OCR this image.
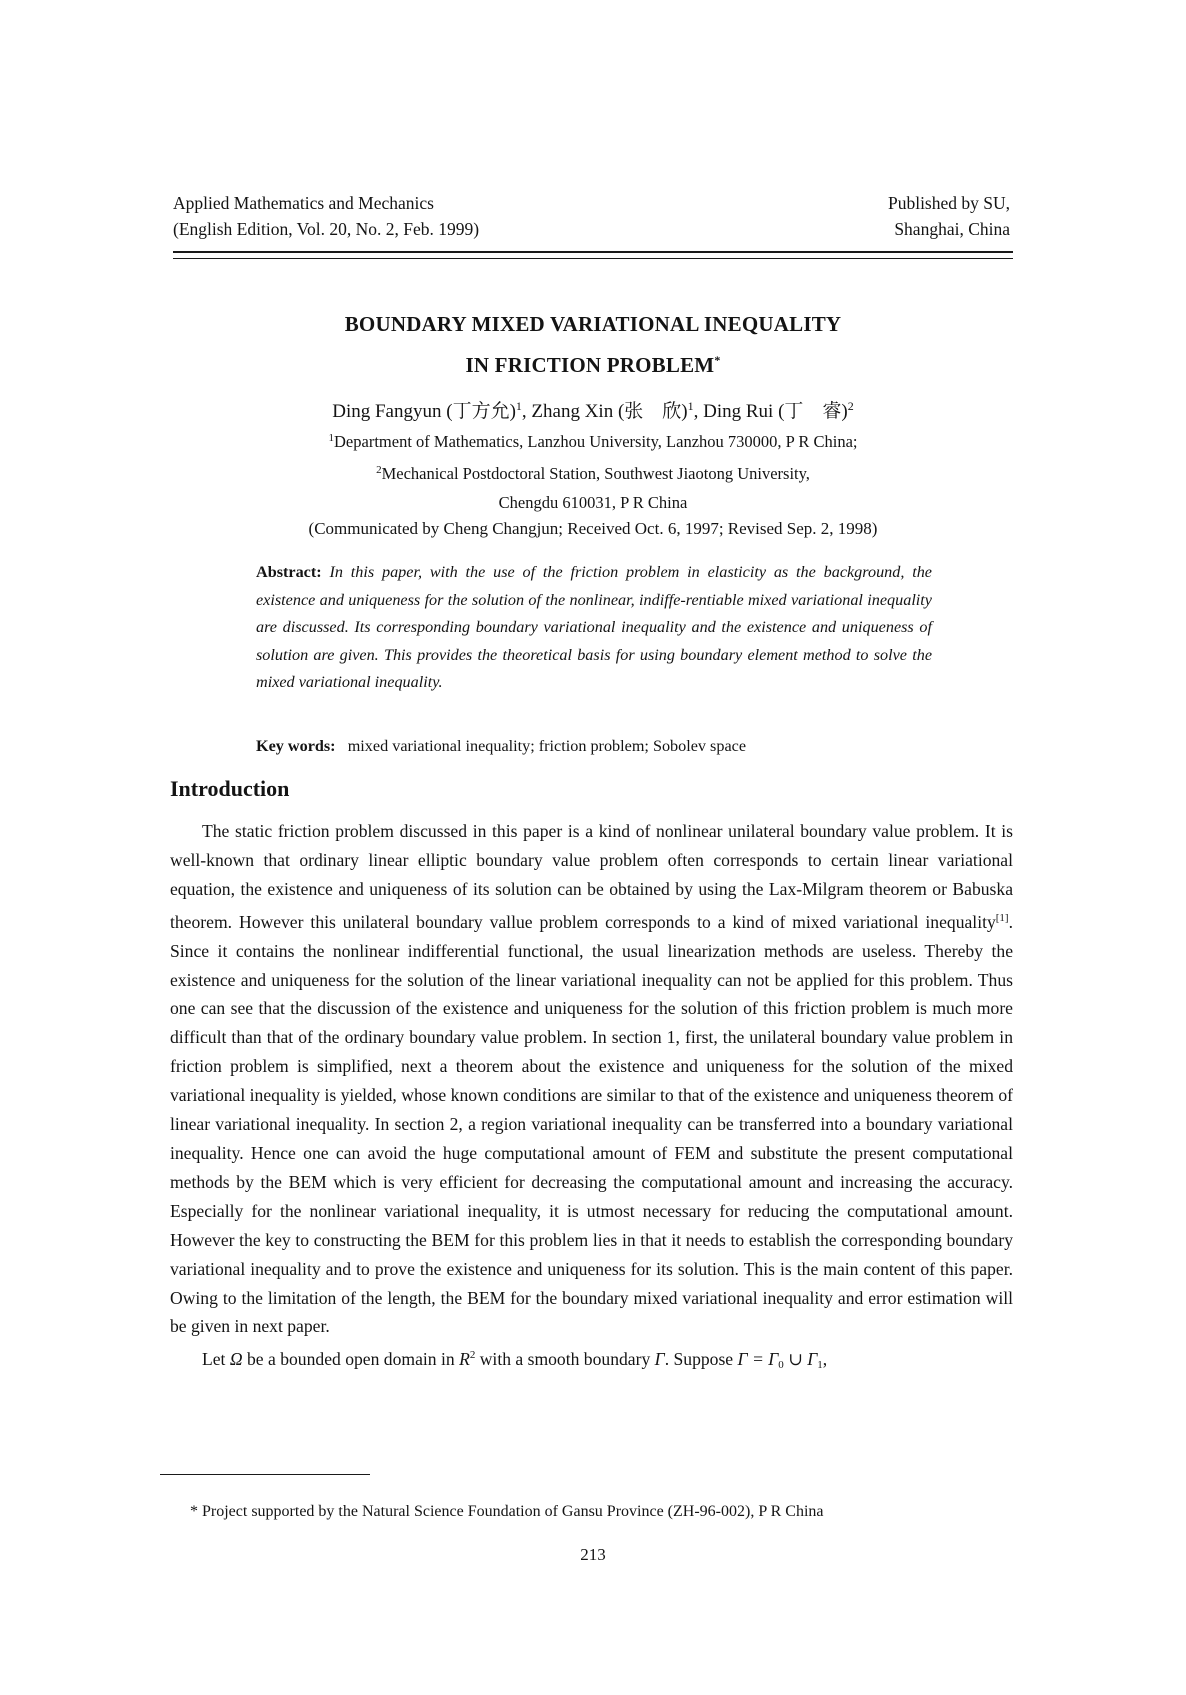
Applied Mathematics and Mechanics
(English Edition, Vol. 20, No. 2, Feb. 1999)
Published by SU,
Shanghai, China
BOUNDARY MIXED VARIATIONAL INEQUALITY
IN FRICTION PROBLEM*
Ding Fangyun (丁方允)$^1$, Zhang Xin (张　欣)$^1$, Ding Rui (丁　睿)$^2$
$^1$Department of Mathematics, Lanzhou University, Lanzhou 730000, P R China;
$^2$Mechanical Postdoctoral Station, Southwest Jiaotong University,
Chengdu 610031, P R China
(Communicated by Cheng Changjun; Received Oct. 6, 1997; Revised Sep. 2, 1998)
Abstract: In this paper, with the use of the friction problem in elasticity as the background, the existence and uniqueness for the solution of the nonlinear, indiffe-rentiable mixed variational inequality are discussed. Its corresponding boundary variational inequality and the existence and uniqueness of solution are given. This provides the theoretical basis for using boundary element method to solve the mixed variational inequality.
Key words: mixed variational inequality; friction problem; Sobolev space
Introduction

The static friction problem discussed in this paper is a kind of nonlinear unilateral boundary value problem. It is well-known that ordinary linear elliptic boundary value problem often corresponds to certain linear variational equation, the existence and uniqueness of its solution can be obtained by using the Lax-Milgram theorem or Babuska theorem. However this unilateral boundary vallue problem corresponds to a kind of mixed variational inequality[1]. Since it contains the nonlinear indifferential functional, the usual linearization methods are useless. Thereby the existence and uniqueness for the solution of the linear variational inequality can not be applied for this problem. Thus one can see that the discussion of the existence and uniqueness for the solution of this friction problem is much more difficult than that of the ordinary boundary value problem. In section 1, first, the unilateral boundary value problem in friction problem is simplified, next a theorem about the existence and uniqueness for the solution of the mixed variational inequality is yielded, whose known conditions are similar to that of the existence and uniqueness theorem of linear variational inequality. In section 2, a region variational inequality can be transferred into a boundary variational inequality. Hence one can avoid the huge computational amount of FEM and substitute the present computational methods by the BEM which is very efficient for decreasing the computational amount and increasing the accuracy. Especially for the nonlinear variational inequality, it is utmost necessary for reducing the computational amount. However the key to constructing the BEM for this problem lies in that it needs to establish the corresponding boundary variational inequality and to prove the existence and uniqueness for its solution. This is the main content of this paper. Owing to the limitation of the length, the BEM for the boundary mixed variational inequality and error estimation will be given in next paper.

Let Ω be a bounded open domain in $R^2$ with a smooth boundary Γ. Suppose $\Gamma = \Gamma_0$ ∪ $\Gamma_1$,

* Project supported by the Natural Science Foundation of Gansu Province (ZH-96-002), P R China
213
